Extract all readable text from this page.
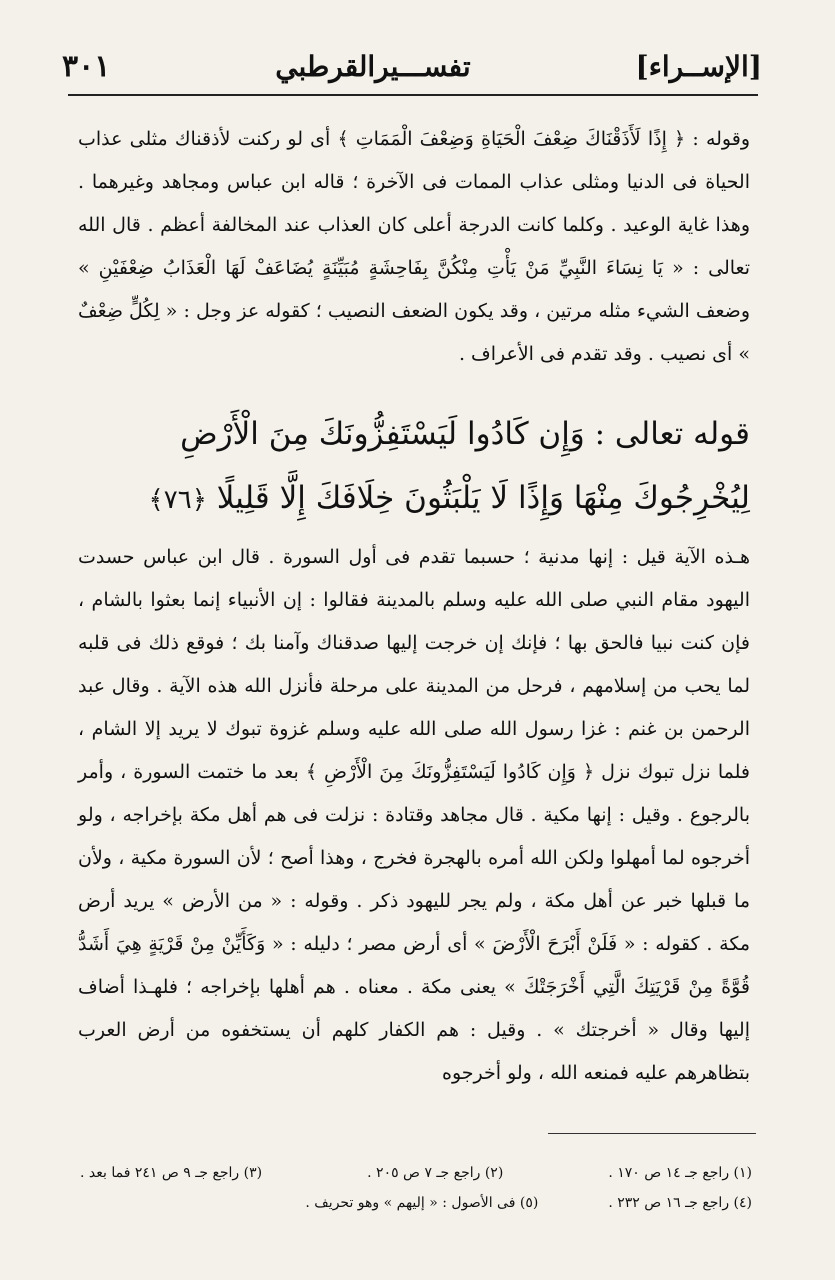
[الإســراء]
تفســـيرالقرطبي
٣٠١

وقوله : ﴿ إِذًا لَأَذَقْنَاكَ ضِعْفَ الْحَيَاةِ وَضِعْفَ الْمَمَاتِ ﴾ أى لو ركنت لأذقناك مثلى عذاب الحياة فى الدنيا ومثلى عذاب الممات فى الآخرة ؛ قاله ابن عباس ومجاهد وغيرهما . وهذا غاية الوعيد . وكلما كانت الدرجة أعلى كان العذاب عند المخالفة أعظم . قال الله تعالى : « يَا نِسَاءَ النَّبِيِّ مَنْ يَأْتِ مِنْكُنَّ بِفَاحِشَةٍ مُبَيِّنَةٍ يُضَاعَفْ لَهَا الْعَذَابُ ضِعْفَيْنِ » وضعف الشيء مثله مرتين ، وقد يكون الضعف النصيب ؛ كقوله عز وجل : « لِكُلٍّ ضِعْفٌ » أى نصيب . وقد تقدم فى الأعراف .

قوله تعالى : وَإِن كَادُوا لَيَسْتَفِزُّونَكَ مِنَ الْأَرْضِ لِيُخْرِجُوكَ مِنْهَا وَإِذًا لَا يَلْبَثُونَ خِلَافَكَ إِلَّا قَلِيلًا ﴿٧٦﴾

هـذه الآية قيل : إنها مدنية ؛ حسبما تقدم فى أول السورة . قال ابن عباس حسدت اليهود مقام النبي صلى الله عليه وسلم بالمدينة فقالوا : إن الأنبياء إنما بعثوا بالشام ، فإن كنت نبيا فالحق بها ؛ فإنك إن خرجت إليها صدقناك وآمنا بك ؛ فوقع ذلك فى قلبه لما يحب من إسلامهم ، فرحل من المدينة على مرحلة فأنزل الله هذه الآية . وقال عبد الرحمن بن غنم : غزا رسول الله صلى الله عليه وسلم غزوة تبوك لا يريد إلا الشام ، فلما نزل تبوك نزل ﴿ وَإِن كَادُوا لَيَسْتَفِزُّونَكَ مِنَ الْأَرْضِ ﴾ بعد ما ختمت السورة ، وأمر بالرجوع . وقيل : إنها مكية . قال مجاهد وقتادة : نزلت فى هم أهل مكة بإخراجه ، ولو أخرجوه لما أمهلوا ولكن الله أمره بالهجرة فخرج ، وهذا أصح ؛ لأن السورة مكية ، ولأن ما قبلها خبر عن أهل مكة ، ولم يجر لليهود ذكر . وقوله : « من الأرض » يريد أرض مكة . كقوله : « فَلَنْ أَبْرَحَ الْأَرْضَ » أى أرض مصر ؛ دليله : « وَكَأَيِّنْ مِنْ قَرْيَةٍ هِيَ أَشَدُّ قُوَّةً مِنْ قَرْيَتِكَ الَّتِي أَخْرَجَتْكَ » يعنى مكة . معناه . هم أهلها بإخراجه ؛ فلهـذا أضاف إليها وقال « أخرجتك » . وقيل : هم الكفار كلهم أن يستخفوه من أرض العرب بتظاهرهم عليه فمنعه الله ، ولو أخرجوه

(١) راجع جـ ١٤ ص ١٧٠ .
(٢) راجع جـ ٧ ص ٢٠٥ .
(٣) راجع جـ ٩ ص ٢٤١ فما بعد .
(٤) راجع جـ ١٦ ص ٢٣٢ .
(٥) فى الأصول : « إليهم » وهو تحريف .
